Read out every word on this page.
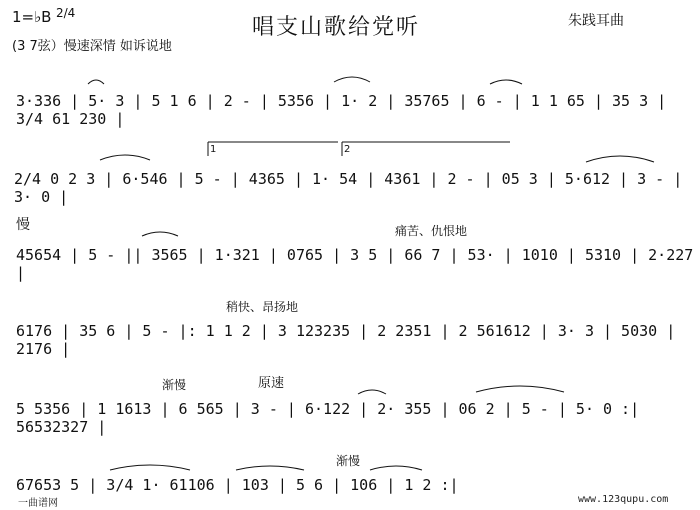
1=♭B 2/4
唱支山歌给党听	朱践耳曲
(3 7弦）慢速深情 如诉说地
3·336 | 5· 3 | 5 1 6 | 2 - | 5356 | 1· 2 | 35765 | 6 - | 1 1 65 | 35 3 | 3/4 61 230 |
2/4 0 2 3 | 6·546 | 5 - | 4365 | 1· 54 | 4361 | 2 - | 05 3 | 5·612 | 3 - | 3· 0 |
慢
45654 | 5 - || 3565 | 1·321 | 0765 | 3 5 | 66 7 | 53· | 1010 | 5310 | 2·227 |
痛苦、仇恨地
稍快、昂扬地
6176 | 35 6 | 5 - |: 1 1 2 | 3 123235 | 2 2351 | 2 561612 | 3· 3 | 5030 | 2176 |
渐慢	原速
5 5356 | 1 1613 | 6 565 | 3 - | 6·122 | 2· 355 | 06 2 | 5 - | 5· 0 :| 56532327 |
渐慢
67653 5 | 3/4 1· 61106 | 103 | 5 6 | 106 | 1 2 :|
1	2
一曲谱网	www.123qupu.com
